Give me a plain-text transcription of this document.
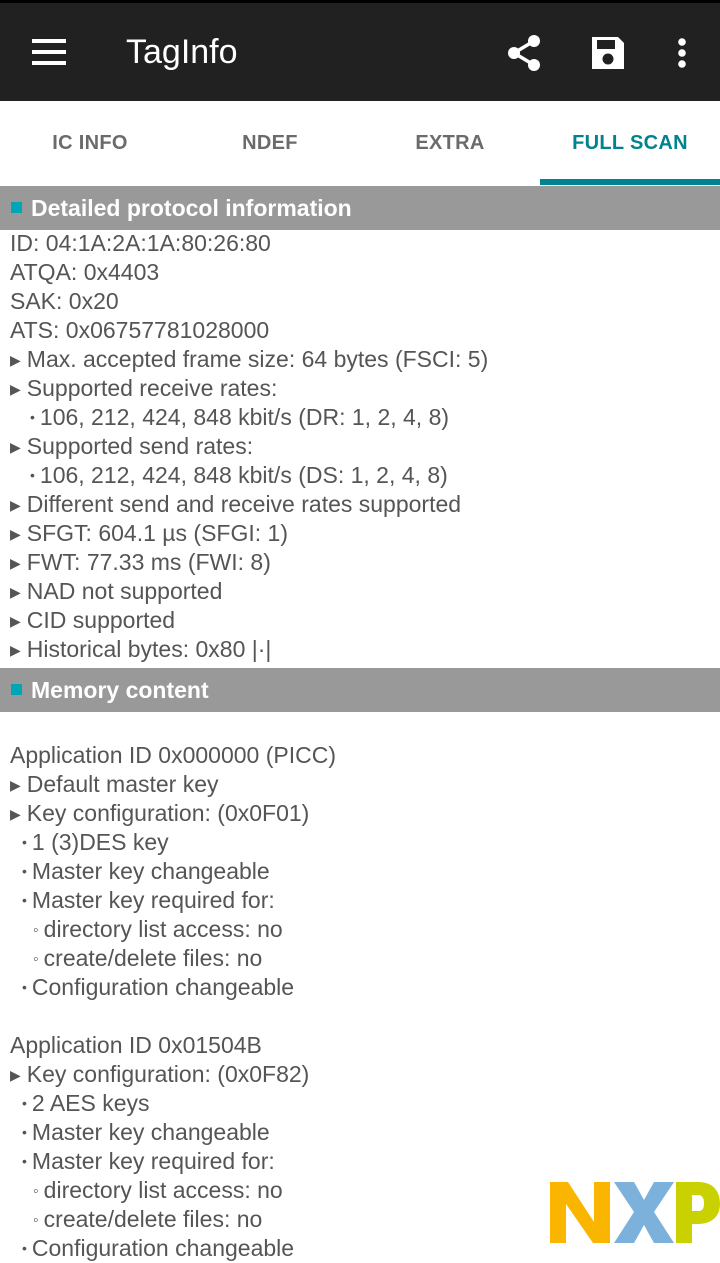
TagInfo
IC INFO	NDEF	EXTRA	FULL SCAN
Detailed protocol information
ID: 04:1A:2A:1A:80:26:80
ATQA: 0x4403
SAK: 0x20
ATS: 0x06757781028000
▶ Max. accepted frame size: 64 bytes (FSCI: 5)
▶ Supported receive rates:
• 106, 212, 424, 848 kbit/s (DR: 1, 2, 4, 8)
▶ Supported send rates:
• 106, 212, 424, 848 kbit/s (DS: 1, 2, 4, 8)
▶ Different send and receive rates supported
▶ SFGT: 604.1 µs (SFGI: 1)
▶ FWT: 77.33 ms (FWI: 8)
▶ NAD not supported
▶ CID supported
▶ Historical bytes: 0x80 |·|
Memory content
Application ID 0x000000 (PICC)
▶ Default master key
▶ Key configuration: (0x0F01)
• 1 (3)DES key
• Master key changeable
• Master key required for:
◦ directory list access: no
◦ create/delete files: no
• Configuration changeable
Application ID 0x01504B
▶ Key configuration: (0x0F82)
• 2 AES keys
• Master key changeable
• Master key required for:
◦ directory list access: no
◦ create/delete files: no
• Configuration changeable
